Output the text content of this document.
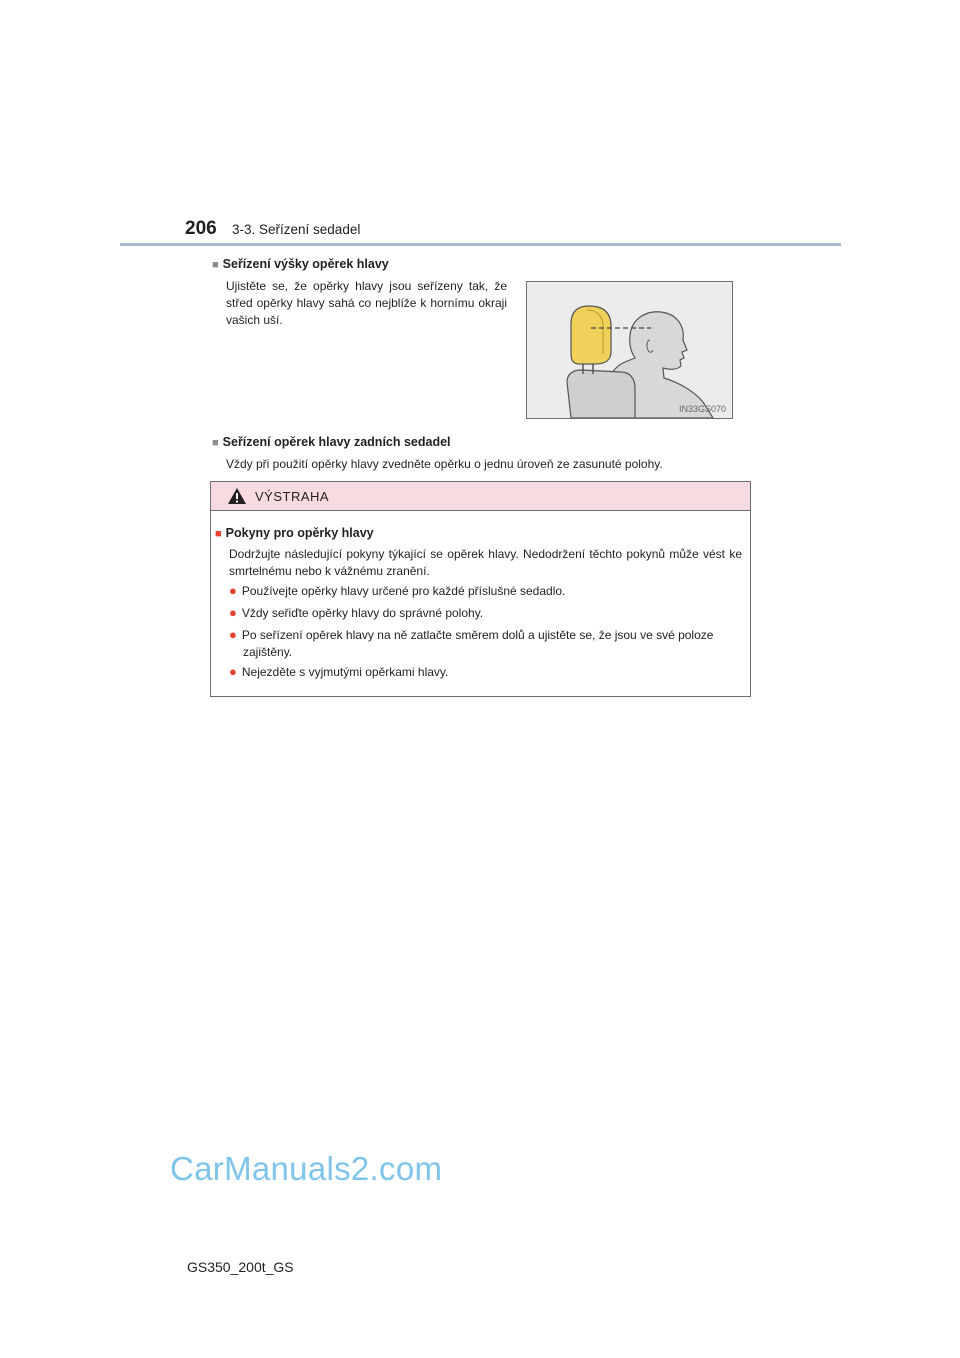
206 3-3. Seřízení sedadel
■ Seřízení výšky opěrek hlavy
Ujistěte se, že opěrky hlavy jsou seřízeny tak, že střed opěrky hlavy sahá co nejblíže k hornímu okraji vašich uší.
IN33GS070
■ Seřízení opěrek hlavy zadních sedadel
Vždy při použití opěrky hlavy zvedněte opěrku o jednu úroveň ze zasunuté polohy.
VÝSTRAHA
■ Pokyny pro opěrky hlavy
Dodržujte následující pokyny týkající se opěrek hlavy. Nedodržení těchto pokynů může vést ke smrtelnému nebo k vážnému zranění.
● Používejte opěrky hlavy určené pro každé příslušné sedadlo.
● Vždy seřiďte opěrky hlavy do správné polohy.
● Po seřízení opěrek hlavy na ně zatlačte směrem dolů a ujistěte se, že jsou ve své poloze zajištěny.
● Nejezděte s vyjmutými opěrkami hlavy.
CarManuals2.com
GS350_200t_GS
